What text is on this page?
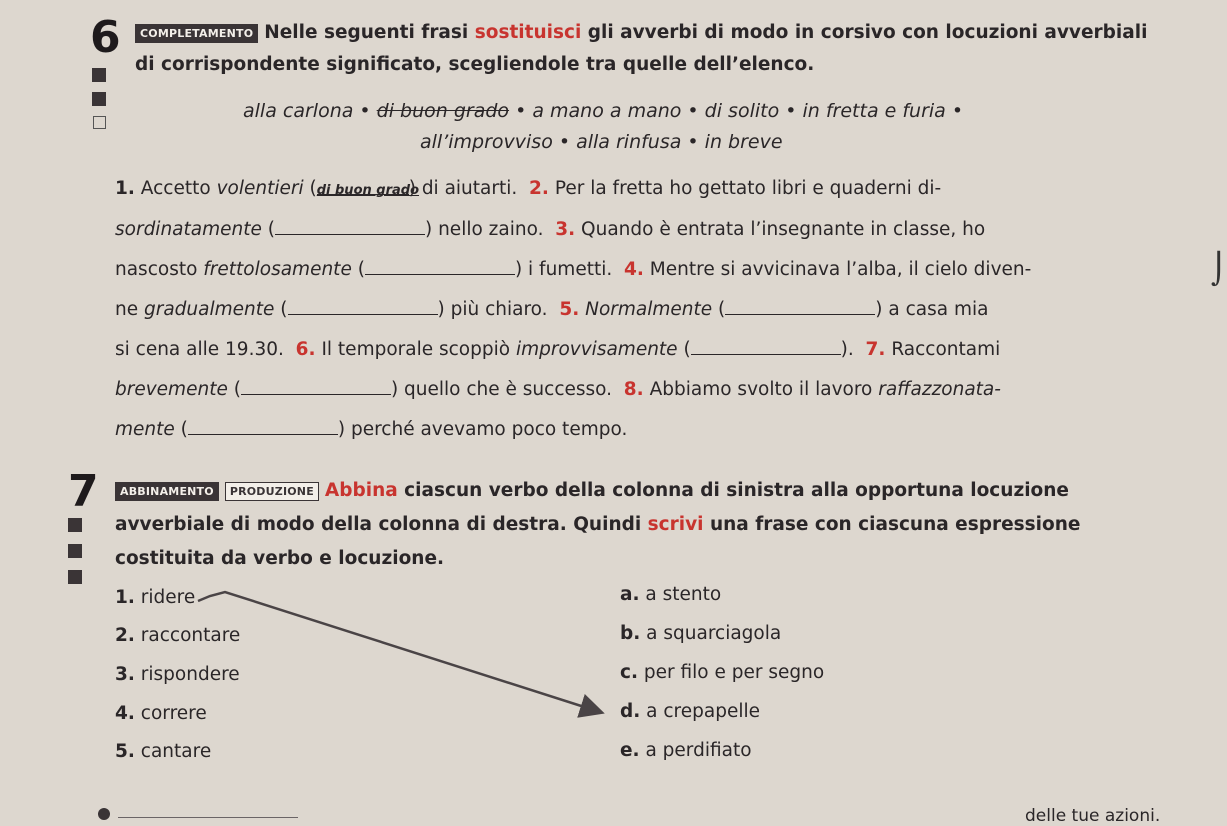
6	COMPLETAMENTO Nelle seguenti frasi sostituisci gli avverbi di modo in corsivo con locuzioni avverbiali
di corrispondente significato, scegliendole tra quelle dell’elenco.
alla carlona • di buon grado • a mano a mano • di solito • in fretta e furia •
all’improvviso • alla rinfusa • in breve
1. Accetto volentieri (di buon grado) di aiutarti. 2. Per la fretta ho gettato libri e quaderni di-
sordinatamente (	) nello zaino. 3. Quando è entrata l’insegnante in classe, ho
nascosto frettolosamente (	) i fumetti. 4. Mentre si avvicinava l’alba, il cielo diven-
ne gradualmente (	) più chiaro. 5. Normalmente (	) a casa mia
si cena alle 19.30. 6. Il temporale scoppiò improvvisamente (	). 7. Raccontami
brevemente (	) quello che è successo. 8. Abbiamo svolto il lavoro raffazzonata-
mente (	) perché avevamo poco tempo.
⌡
7	ABBINAMENTO PRODUZIONE Abbina ciascun verbo della colonna di sinistra alla opportuna locuzione
avverbiale di modo della colonna di destra. Quindi scrivi una frase con ciascuna espressione
costituita da verbo e locuzione.
1. ridere
2. raccontare
3. rispondere
4. correre
5. cantare
a. a stento
b. a squarciagola
c. per filo e per segno
d. a crepapelle
e. a perdifiato
delle tue azioni.
